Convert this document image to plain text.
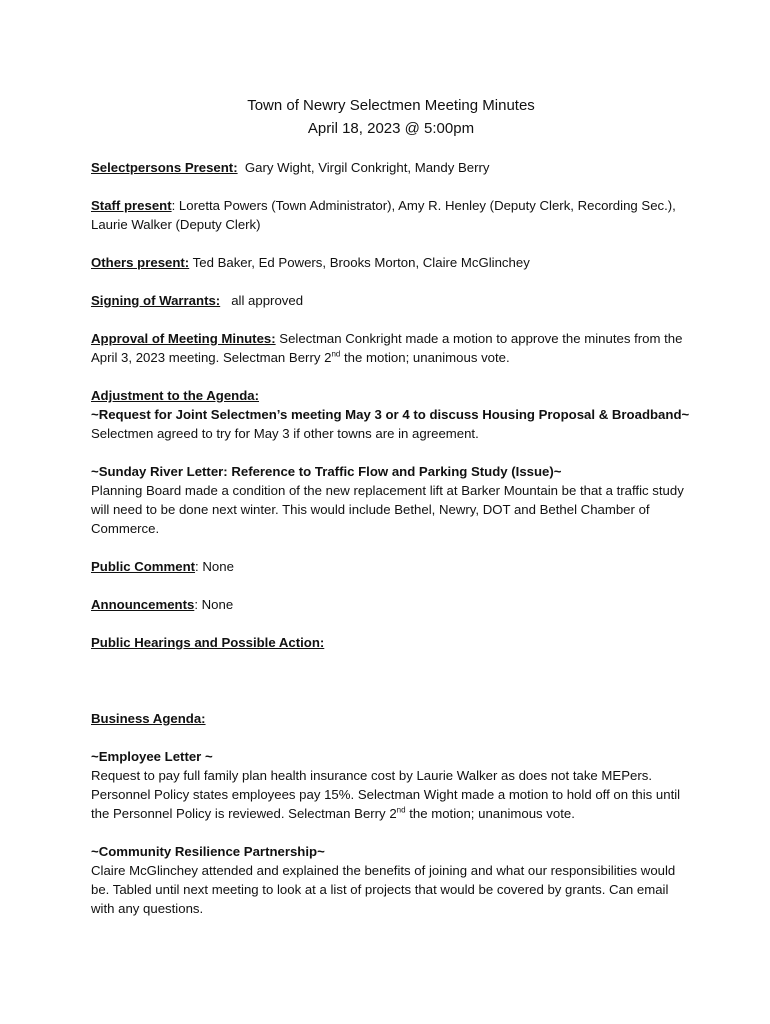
Town of Newry Selectmen Meeting Minutes
April 18, 2023 @ 5:00pm

Selectpersons Present: Gary Wight, Virgil Conkright, Mandy Berry

Staff present: Loretta Powers (Town Administrator), Amy R. Henley (Deputy Clerk, Recording Sec.), Laurie Walker (Deputy Clerk)

Others present: Ted Baker, Ed Powers, Brooks Morton, Claire McGlinchey

Signing of Warrants: all approved

Approval of Meeting Minutes: Selectman Conkright made a motion to approve the minutes from the April 3, 2023 meeting. Selectman Berry 2nd the motion; unanimous vote.

Adjustment to the Agenda:
~Request for Joint Selectmen’s meeting May 3 or 4 to discuss Housing Proposal & Broadband~
Selectmen agreed to try for May 3 if other towns are in agreement.
~Sunday River Letter: Reference to Traffic Flow and Parking Study (Issue)~
Planning Board made a condition of the new replacement lift at Barker Mountain be that a traffic study will need to be done next winter. This would include Bethel, Newry, DOT and Bethel Chamber of Commerce.

Public Comment: None

Announcements: None

Public Hearings and Possible Action:

Business Agenda:

~Employee Letter ~
Request to pay full family plan health insurance cost by Laurie Walker as does not take MEPers. Personnel Policy states employees pay 15%. Selectman Wight made a motion to hold off on this until the Personnel Policy is reviewed. Selectman Berry 2nd the motion; unanimous vote.
~Community Resilience Partnership~
Claire McGlinchey attended and explained the benefits of joining and what our responsibilities would be. Tabled until next meeting to look at a list of projects that would be covered by grants. Can email with any questions.
